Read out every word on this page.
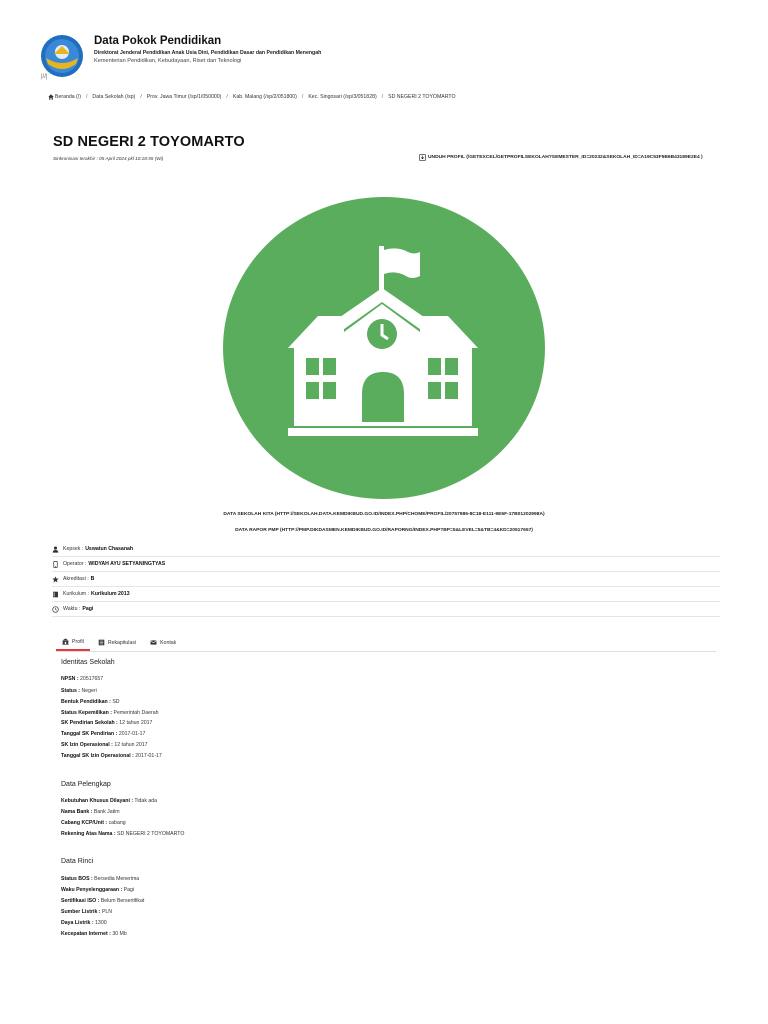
Data Pokok Pendidikan
Direktorat Jenderal Pendidikan Anak Usia Dini, Pendidikan Dasar dan Pendidikan Menengah
Kementerian Pendidikan, Kebudayaan, Riset dan Teknologi
|//|
Beranda (/) / Data Sekolah (/sp) / Prov. Jawa Timur (/sp/1/050000) / Kab. Malang (/sp/2/051800) / Kec. Singosari (/sp/3/051828) / SD NEGERI 2 TOYOMARTO
SD NEGERI 2 TOYOMARTO
Sinkronisasi terakhir : 05 April 2024 pkl 10:18:55 (Wi)	UNDUH PROFIL (/GETEXCEL/GETPROFILSEKOLAH?SEMESTER_ID=20232&SEKOLAH_ID=A19C53F5B6B43189E2E4 )
DATA SEKOLAH KITA (HTTP://SEKOLAH.DATA.KEMDIKBUD.GO.ID/INDEX.PHP/CHOME/PROFIL/20757986-8C18-E111-9E5F-17B01202998A)
DATA RAPOR PMP (HTTP://PMP.DIKDASMEN.KEMDIKBUD.GO.ID/RAPORNG/INDEX.PHP?BP=5&LEVEL=5&TB=4&KD=20517657)
Kepsek : Uswatun Chasanah
Operator : WIDYAH AYU SETYANINGTYAS
Akreditasi : B
Kurikulum : Kurikulum 2013
Waktu : Pagi
Profil	Rekapitulasi	Kontak
Identitas Sekolah
NPSN : 20517657
Status : Negeri
Bentuk Pendidikan : SD
Status Kepemilikan : Pemerintah Daerah
SK Pendirian Sekolah : 12 tahun 2017
Tanggal SK Pendirian : 2017-01-17
SK Izin Operasional : 12 tahun 2017
Tanggal SK Izin Operasional : 2017-01-17
Data Pelengkap
Kebutuhan Khusus Dilayani : Tidak ada
Nama Bank : Bank Jatim
Cabang KCP/Unit : cabang
Rekening Atas Nama : SD NEGERI 2 TOYOMARTO
Data Rinci
Status BOS : Bersedia Menerima
Waku Penyelenggaraan : Pagi
Sertifikasi ISO : Belum Bersertifikat
Sumber Listrik : PLN
Daya Listrik : 1300
Kecepatan Internet : 30 Mb
